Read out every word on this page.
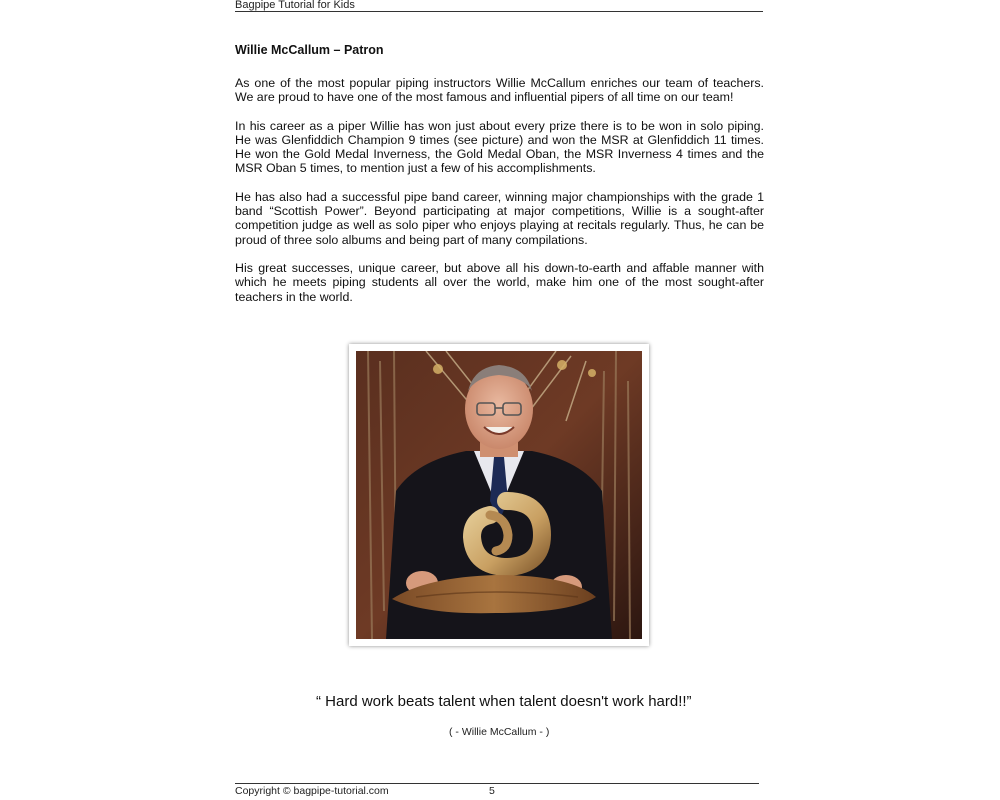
Bagpipe Tutorial for Kids
Willie McCallum – Patron

As one of the most popular piping instructors Willie McCallum enriches our team of teachers. We are proud to have one of the most famous and influential pipers of all time on our team!

In his career as a piper Willie has won just about every prize there is to be won in solo piping. He was Glenfiddich Champion 9 times (see picture) and won the MSR at Glenfiddich 11 times. He won the Gold Medal Inverness, the Gold Medal Oban, the MSR Inverness 4 times and the MSR Oban 5 times, to mention just a few of his accomplishments.

He has also had a successful pipe band career, winning major championships with the grade 1 band “Scottish Power”. Beyond participating at major competitions, Willie is a sought-after competition judge as well as solo piper who enjoys playing at recitals regularly. Thus, he can be proud of three solo albums and being part of many compilations.

His great successes, unique career, but above all his down-to-earth and affable manner with which he meets piping students all over the world, make him one of the most sought-after teachers in the world.

“ Hard work beats talent when talent doesn't work hard!!”
( - Willie McCallum - )
Copyright © bagpipe-tutorial.com	5
